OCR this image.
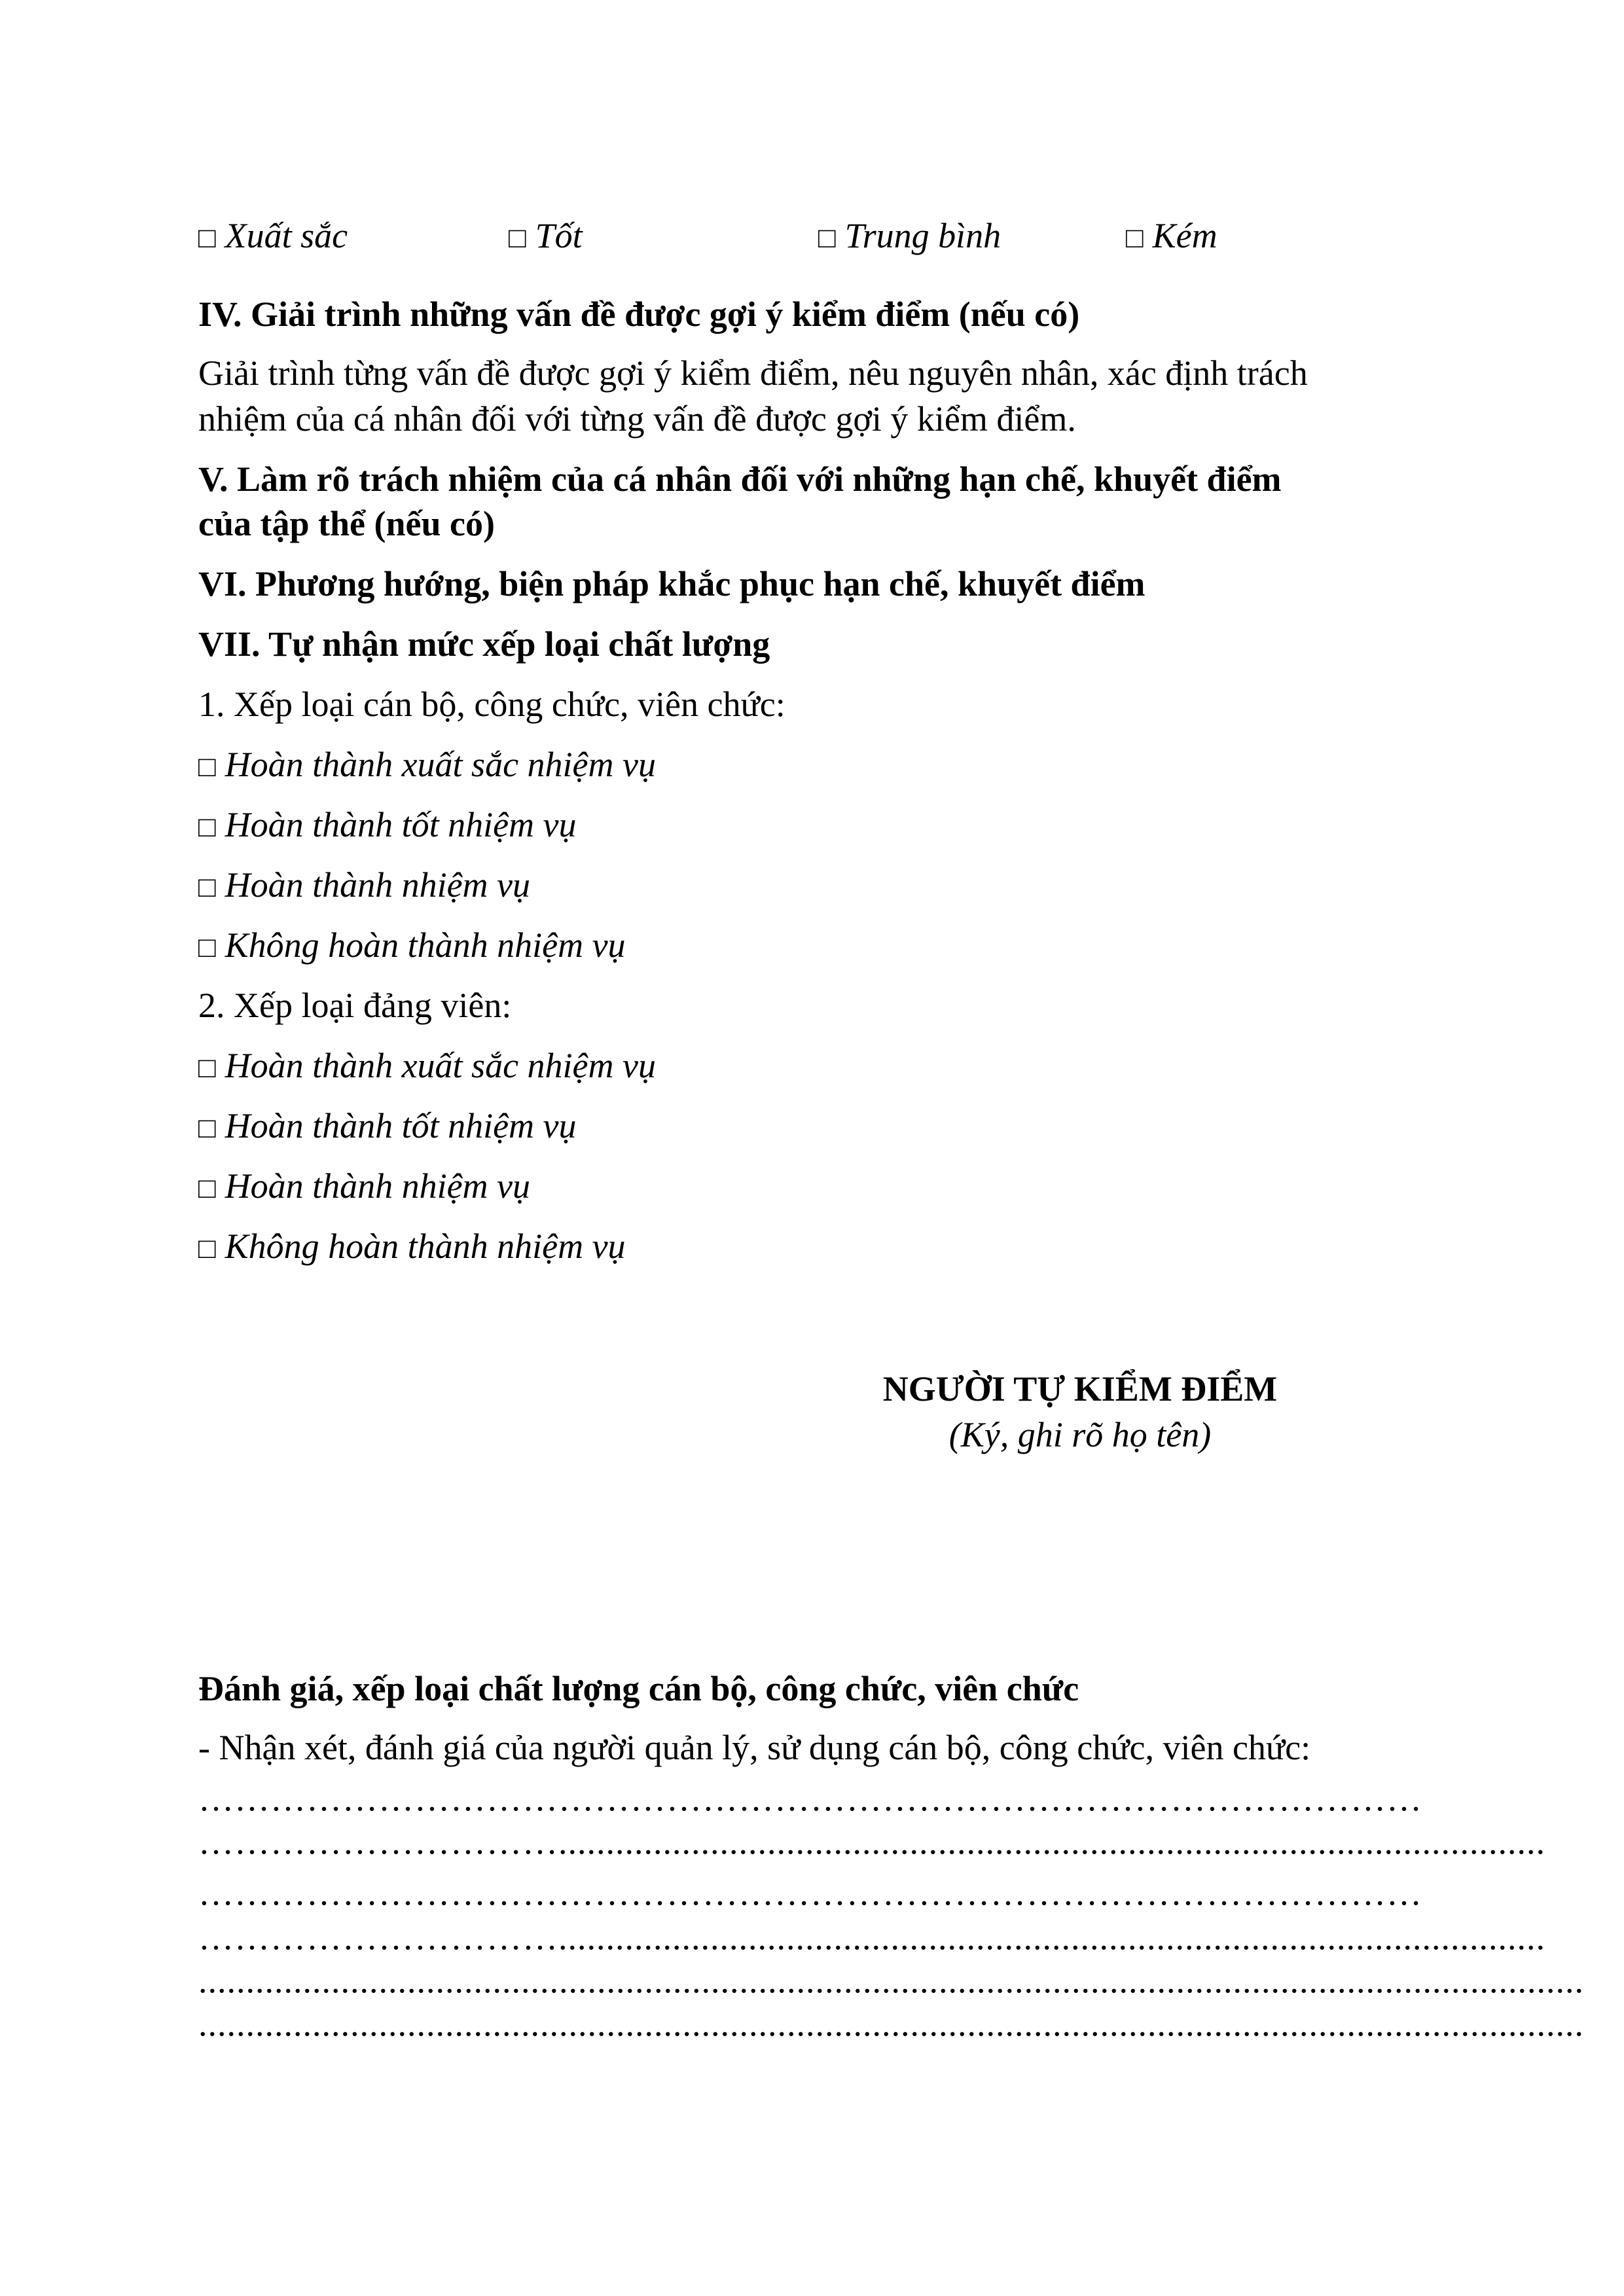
□ Xuất sắc	□ Tốt	□ Trung bình	□ Kém
IV. Giải trình những vấn đề được gợi ý kiểm điểm (nếu có)
Giải trình từng vấn đề được gợi ý kiểm điểm, nêu nguyên nhân, xác định trách
nhiệm của cá nhân đối với từng vấn đề được gợi ý kiểm điểm.
V. Làm rõ trách nhiệm của cá nhân đối với những hạn chế, khuyết điểm
của tập thể (nếu có)
VI. Phương hướng, biện pháp khắc phục hạn chế, khuyết điểm
VII. Tự nhận mức xếp loại chất lượng
1. Xếp loại cán bộ, công chức, viên chức:
□ Hoàn thành xuất sắc nhiệm vụ
□ Hoàn thành tốt nhiệm vụ
□ Hoàn thành nhiệm vụ
□ Không hoàn thành nhiệm vụ
2. Xếp loại đảng viên:
□ Hoàn thành xuất sắc nhiệm vụ
□ Hoàn thành tốt nhiệm vụ
□ Hoàn thành nhiệm vụ
□ Không hoàn thành nhiệm vụ
NGƯỜI TỰ KIỂM ĐIỂM
(Ký, ghi rõ họ tên)
Đánh giá, xếp loại chất lượng cán bộ, công chức, viên chức
- Nhận xét, đánh giá của người quản lý, sử dụng cán bộ, công chức, viên chức:
…………………………………………………………………………………………
…………………………........................................................................................................
…………………………………………………………………………………………
…………………………........................................................................................................
..................................................................................................................................................
..................................................................................................................................................
